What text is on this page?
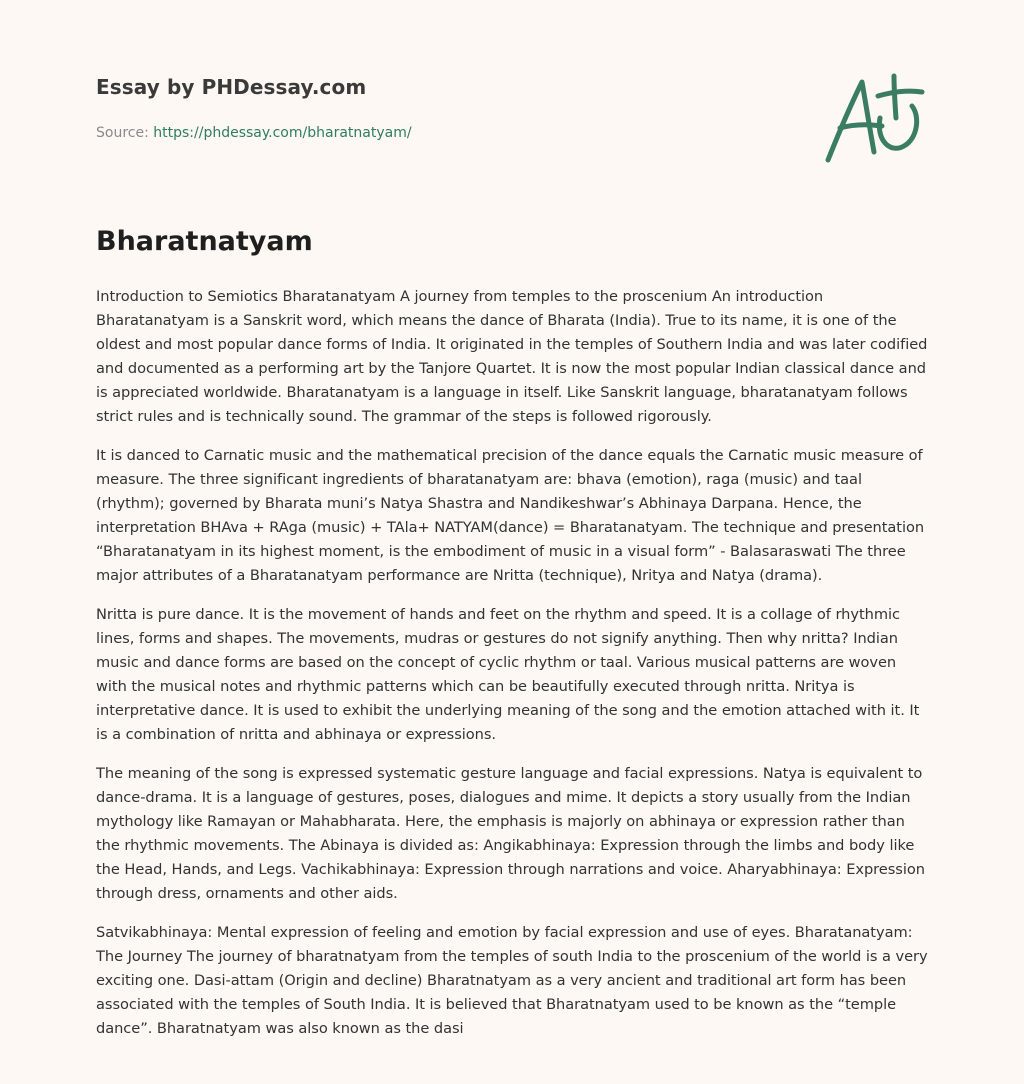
Essay by PHDessay.com
Source: https://phdessay.com/bharatnatyam/
Bharatnatyam

Introduction to Semiotics Bharatanatyam A journey from temples to the proscenium An introduction Bharatanatyam is a Sanskrit word, which means the dance of Bharata (India). True to its name, it is one of the oldest and most popular dance forms of India. It originated in the temples of Southern India and was later codified and documented as a performing art by the Tanjore Quartet. It is now the most popular Indian classical dance and is appreciated worldwide. Bharatanatyam is a language in itself. Like Sanskrit language, bharatanatyam follows strict rules and is technically sound. The grammar of the steps is followed rigorously.

It is danced to Carnatic music and the mathematical precision of the dance equals the Carnatic music measure of measure. The three significant ingredients of bharatanatyam are: bhava (emotion), raga (music) and taal (rhythm); governed by Bharata muni’s Natya Shastra and Nandikeshwar’s Abhinaya Darpana. Hence, the interpretation BHAva + RAga (music) + TAla+ NATYAM(dance) = Bharatanatyam. The technique and presentation “Bharatanatyam in its highest moment, is the embodiment of music in a visual form” - Balasaraswati The three major attributes of a Bharatanatyam performance are Nritta (technique), Nritya and Natya (drama).

Nritta is pure dance. It is the movement of hands and feet on the rhythm and speed. It is a collage of rhythmic lines, forms and shapes. The movements, mudras or gestures do not signify anything. Then why nritta? Indian music and dance forms are based on the concept of cyclic rhythm or taal. Various musical patterns are woven with the musical notes and rhythmic patterns which can be beautifully executed through nritta. Nritya is interpretative dance. It is used to exhibit the underlying meaning of the song and the emotion attached with it. It is a combination of nritta and abhinaya or expressions.

The meaning of the song is expressed systematic gesture language and facial expressions. Natya is equivalent to dance-drama. It is a language of gestures, poses, dialogues and mime. It depicts a story usually from the Indian mythology like Ramayan or Mahabharata. Here, the emphasis is majorly on abhinaya or expression rather than the rhythmic movements. The Abinaya is divided as: Angikabhinaya: Expression through the limbs and body like the Head, Hands, and Legs. Vachikabhinaya: Expression through narrations and voice. Aharyabhinaya: Expression through dress, ornaments and other aids.

Satvikabhinaya: Mental expression of feeling and emotion by facial expression and use of eyes. Bharatanatyam: The Journey The journey of bharatnatyam from the temples of south India to the proscenium of the world is a very exciting one. Dasi-attam (Origin and decline) Bharatnatyam as a very ancient and traditional art form has been associated with the temples of South India. It is believed that Bharatnatyam used to be known as the “temple dance”. Bharatnatyam was also known as the dasi
